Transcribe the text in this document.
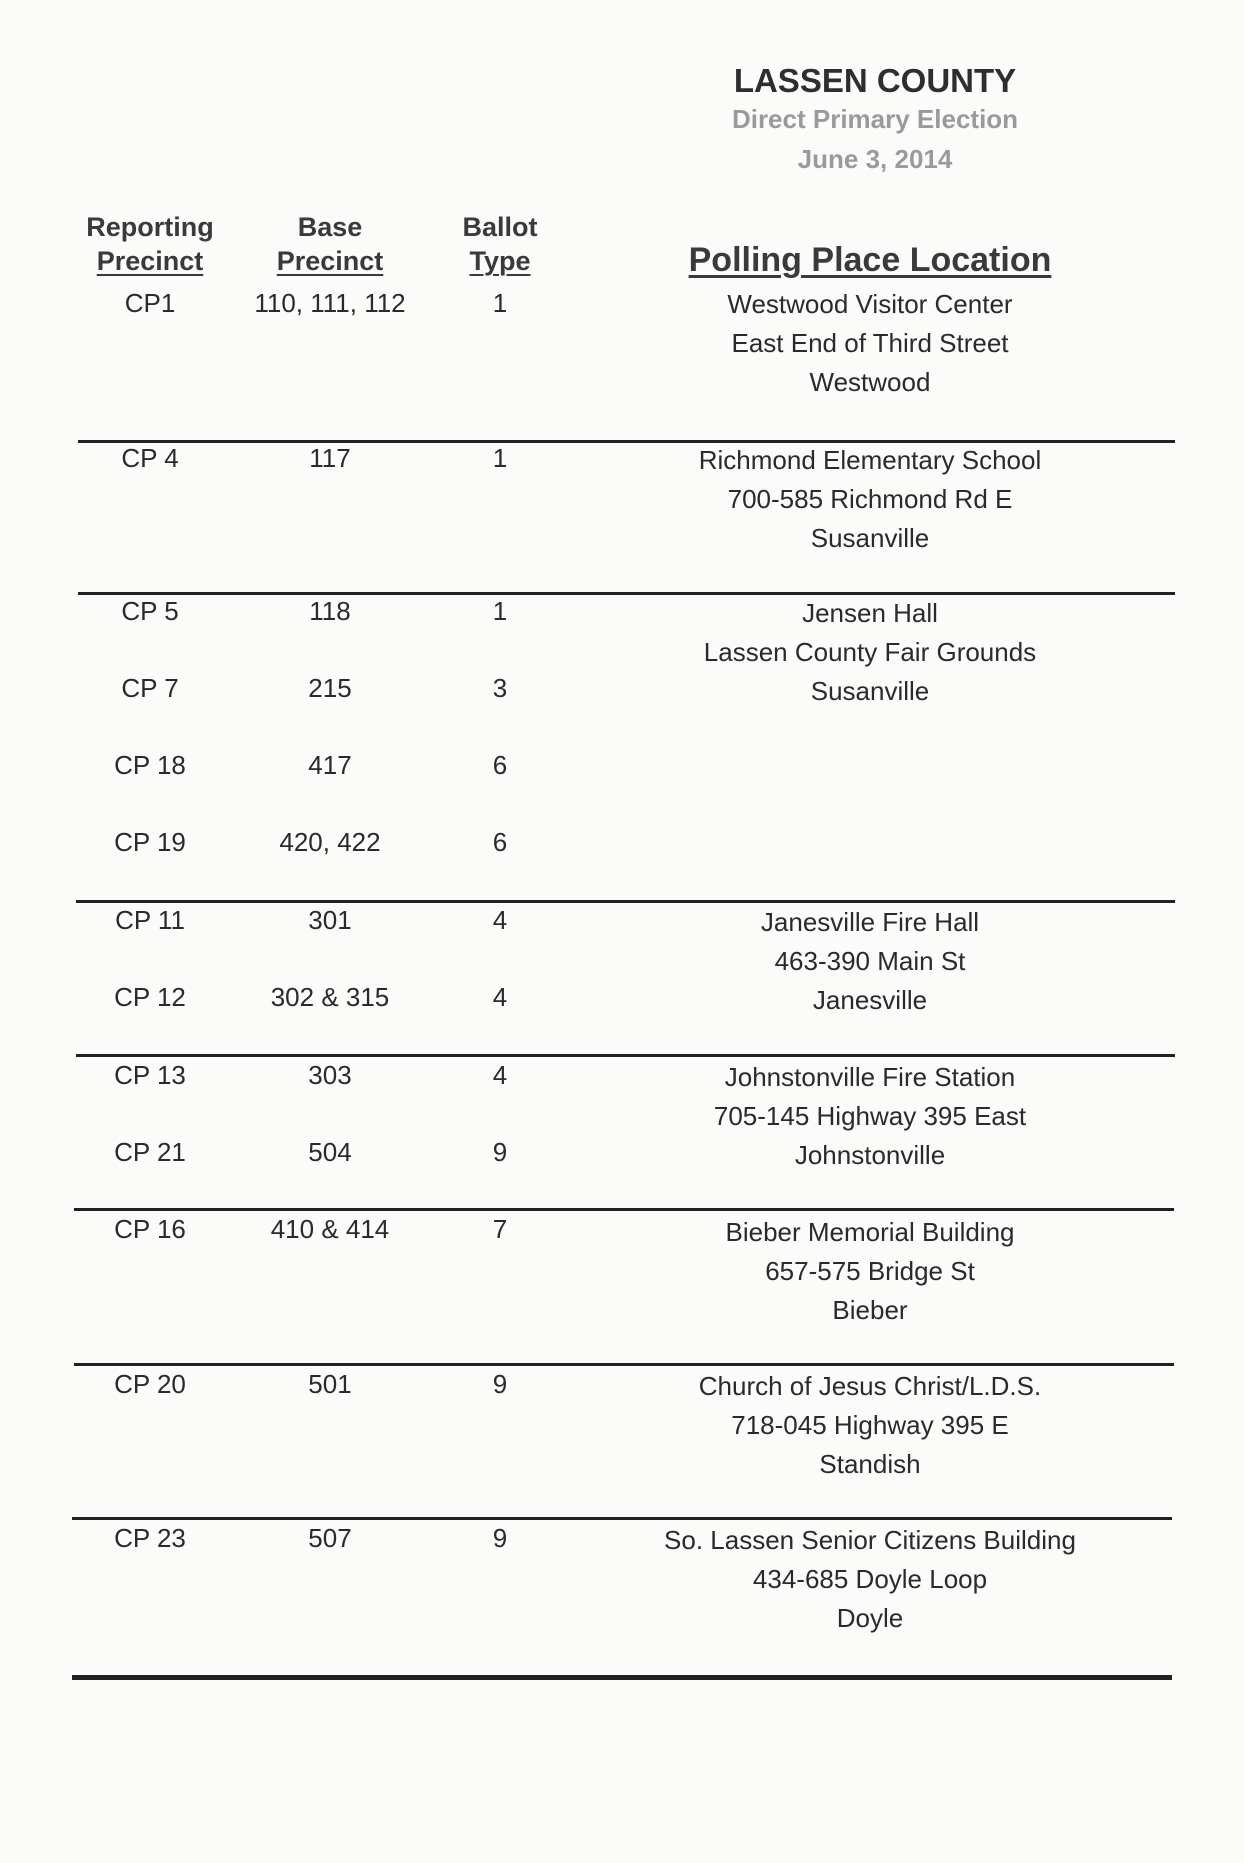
LASSEN COUNTY
Direct Primary Election
June 3, 2014
Reporting
Precinct
Base
Precinct
Ballot
Type	Polling Place Location
CP1	110, 111, 112	1	Westwood Visitor Center
East End of Third Street
Westwood
CP 4	117	1	Richmond Elementary School
700-585 Richmond Rd E
Susanville
CP 5	118	1
CP 7	215	3
CP 18	417	6
CP 19	420, 422	6
Jensen Hall
Lassen County Fair Grounds
Susanville
CP 11	301	4
CP 12	302 & 315	4
Janesville Fire Hall
463-390 Main St
Janesville
CP 13	303	4
CP 21	504	9
Johnstonville Fire Station
705-145 Highway 395 East
Johnstonville
CP 16	410 & 414	7	Bieber Memorial Building
657-575 Bridge St
Bieber
CP 20	501	9	Church of Jesus Christ/L.D.S.
718-045 Highway 395 E
Standish
CP 23	507	9	So. Lassen Senior Citizens Building
434-685 Doyle Loop
Doyle
